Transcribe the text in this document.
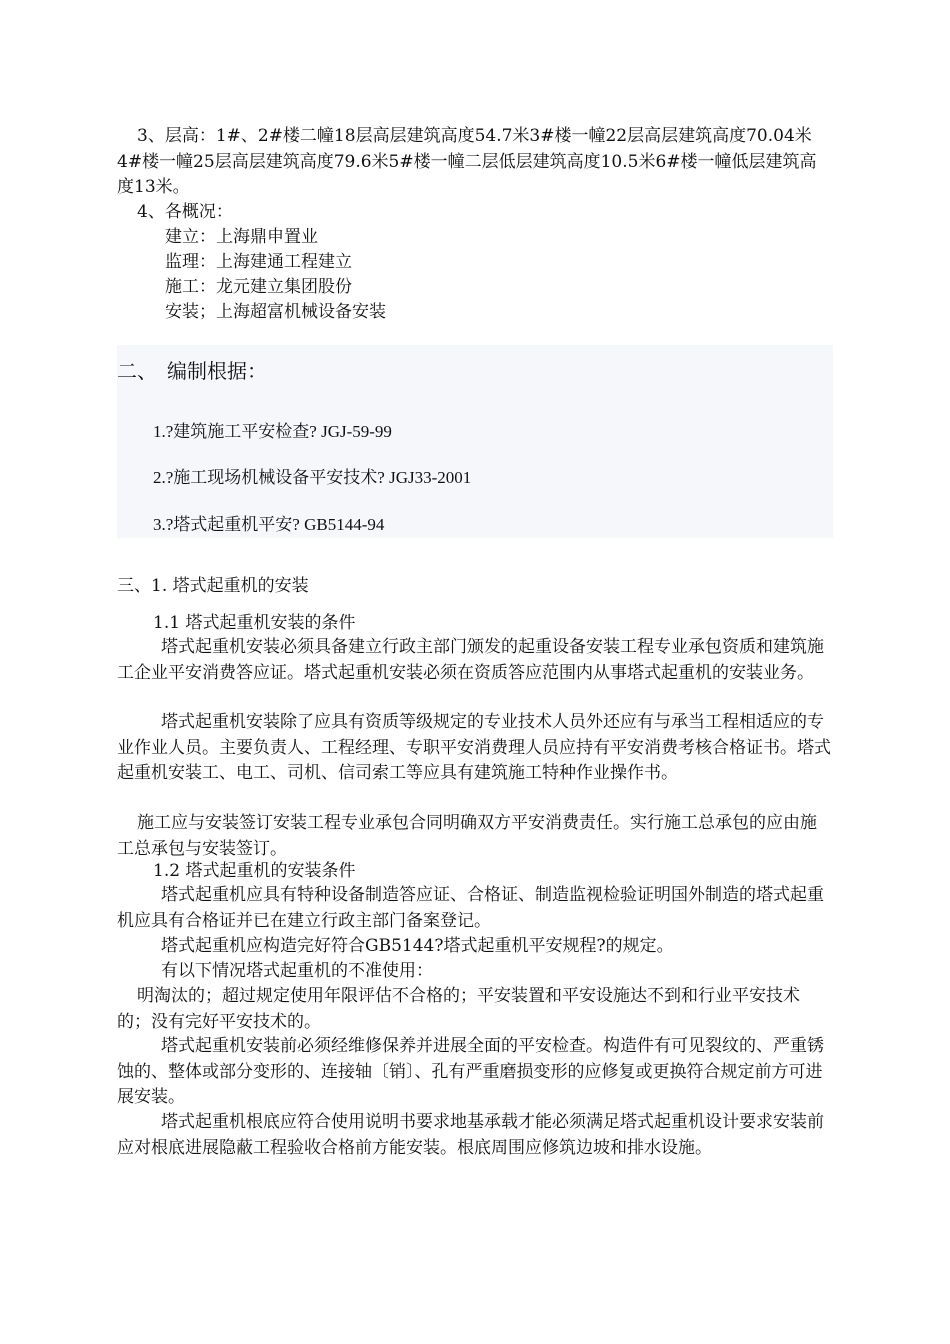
3、层高：1#、2#楼二幢18层高层建筑高度54.7米3#楼一幢22层高层建筑高度70.04米4#楼一幢25层高层建筑高度79.6米5#楼一幢二层低层建筑高度10.5米6#楼一幢低层建筑高度13米。

4、各概况：

建立：上海鼎申置业

监理：上海建通工程建立

施工：龙元建立集团股份

安装；上海超富机械设备安装

二、 编制根据：

1.?建筑施工平安检查? JGJ-59-99

2.?施工现场机械设备平安技术? JGJ33-2001

3.?塔式起重机平安? GB5144-94

三、1. 塔式起重机的安装

1.1 塔式起重机安装的条件

塔式起重机安装必须具备建立行政主部门颁发的起重设备安装工程专业承包资质和建筑施工企业平安消费答应证。塔式起重机安装必须在资质答应范围内从事塔式起重机的安装业务。

塔式起重机安装除了应具有资质等级规定的专业技术人员外还应有与承当工程相适应的专业作业人员。主要负责人、工程经理、专职平安消费理人员应持有平安消费考核合格证书。塔式起重机安装工、电工、司机、信司索工等应具有建筑施工特种作业操作书。

施工应与安装签订安装工程专业承包合同明确双方平安消费责任。实行施工总承包的应由施工总承包与安装签订。

1.2 塔式起重机的安装条件

塔式起重机应具有特种设备制造答应证、合格证、制造监视检验证明国外制造的塔式起重机应具有合格证并已在建立行政主部门备案登记。

塔式起重机应构造完好符合GB5144?塔式起重机平安规程?的规定。

有以下情况塔式起重机的不准使用：

明淘汰的；超过规定使用年限评估不合格的；平安装置和平安设施达不到和行业平安技术的；没有完好平安技术的。

塔式起重机安装前必须经维修保养并进展全面的平安检查。构造件有可见裂纹的、严重锈蚀的、整体或部分变形的、连接轴〔销〕、孔有严重磨损变形的应修复或更换符合规定前方可进展安装。

塔式起重机根底应符合使用说明书要求地基承载才能必须满足塔式起重机设计要求安装前应对根底进展隐蔽工程验收合格前方能安装。根底周围应修筑边坡和排水设施。
